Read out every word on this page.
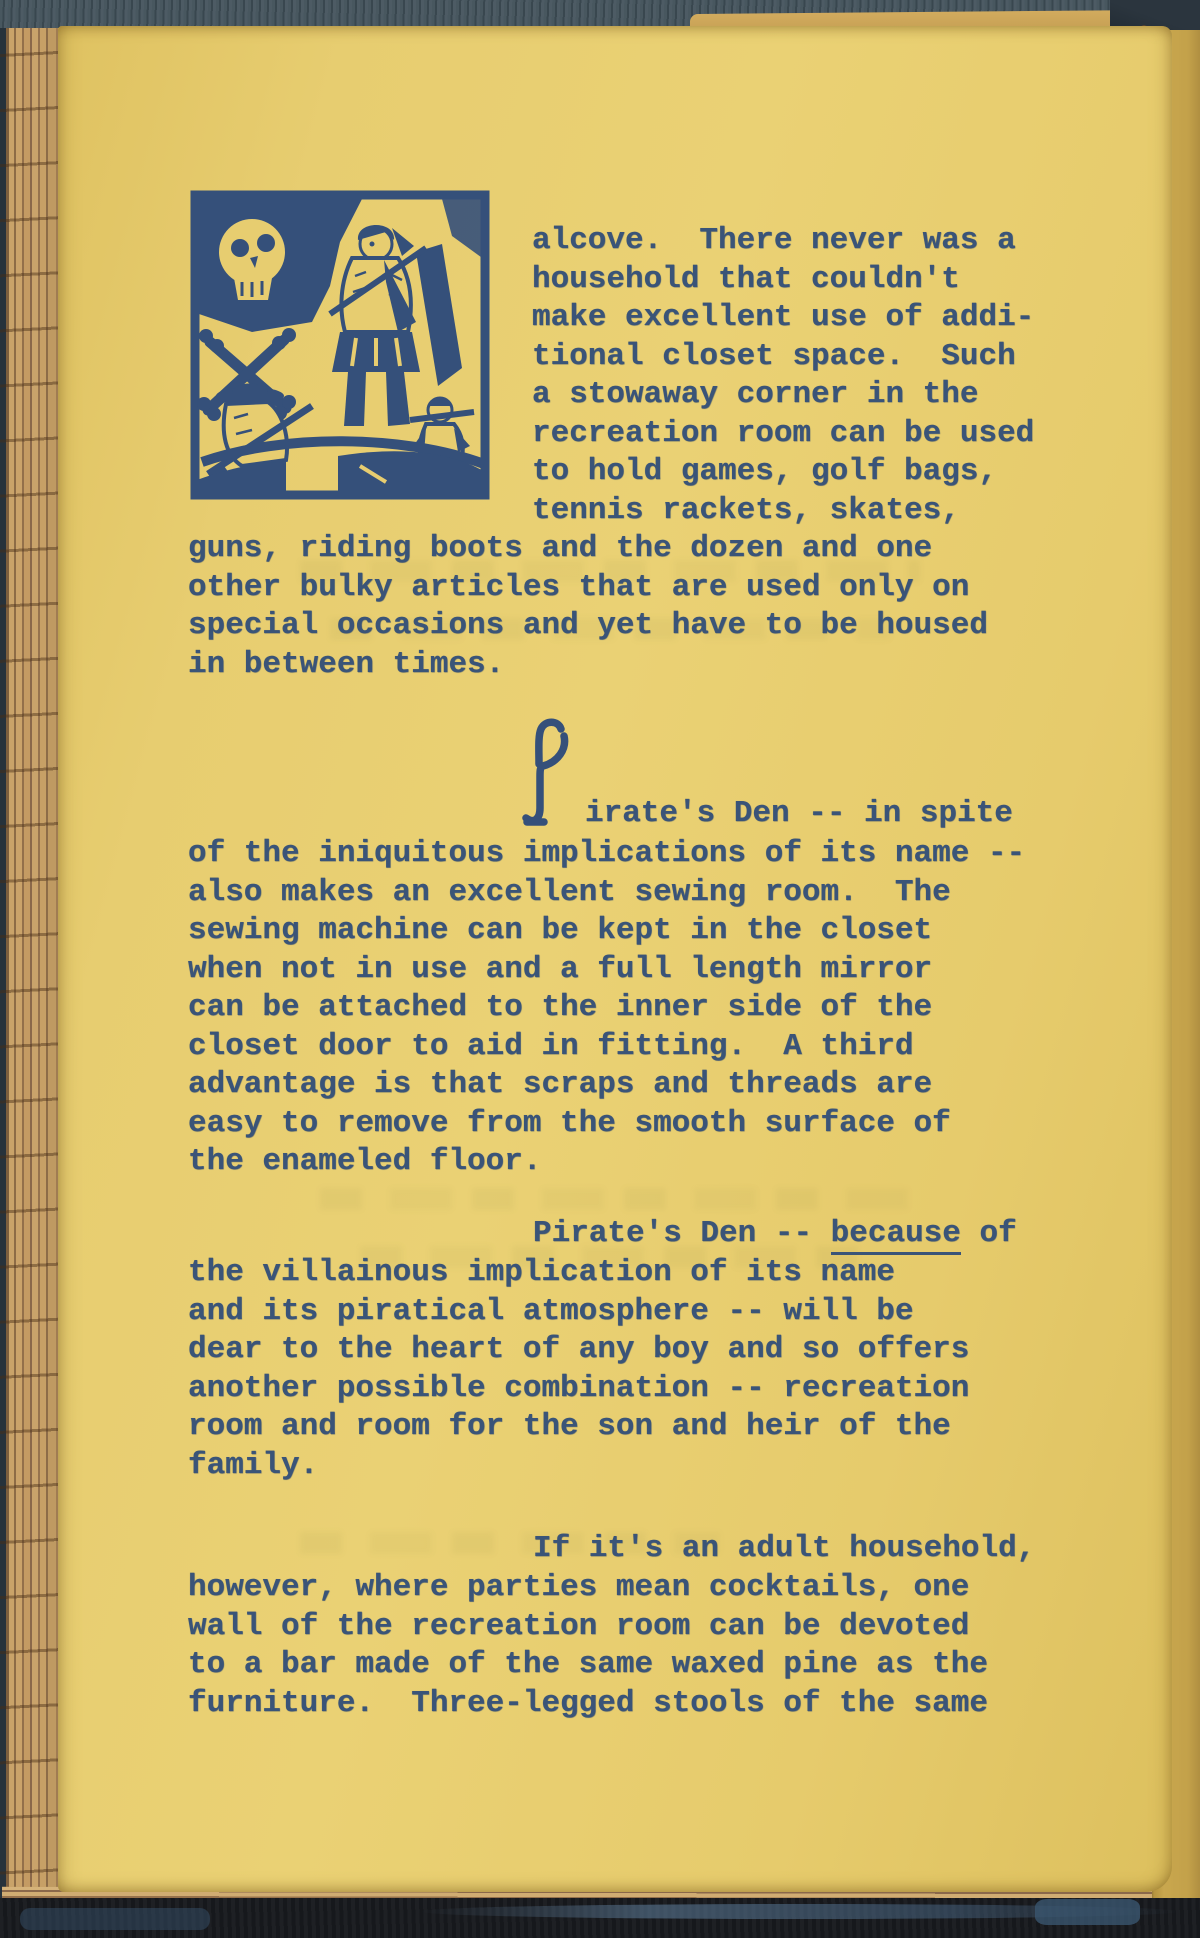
alcove.  There never was a
household that couldn't
make excellent use of addi-
tional closet space.  Such
a stowaway corner in the
recreation room can be used
to hold games, golf bags,
tennis rackets, skates,
guns, riding boots and the dozen and one
other bulky articles that are used only on
special occasions and yet have to be housed
in between times.
irate's Den -- in spite
of the iniquitous implications of its name --
also makes an excellent sewing room.  The
sewing machine can be kept in the closet
when not in use and a full length mirror
can be attached to the inner side of the
closet door to aid in fitting.  A third
advantage is that scraps and threads are
easy to remove from the smooth surface of
the enameled floor.
Pirate's Den -- because of
the villainous implication of its name
and its piratical atmosphere -- will be
dear to the heart of any boy and so offers
another possible combination -- recreation
room and room for the son and heir of the
family.
If it's an adult household,
however, where parties mean cocktails, one
wall of the recreation room can be devoted
to a bar made of the same waxed pine as the
furniture.  Three-legged stools of the same
